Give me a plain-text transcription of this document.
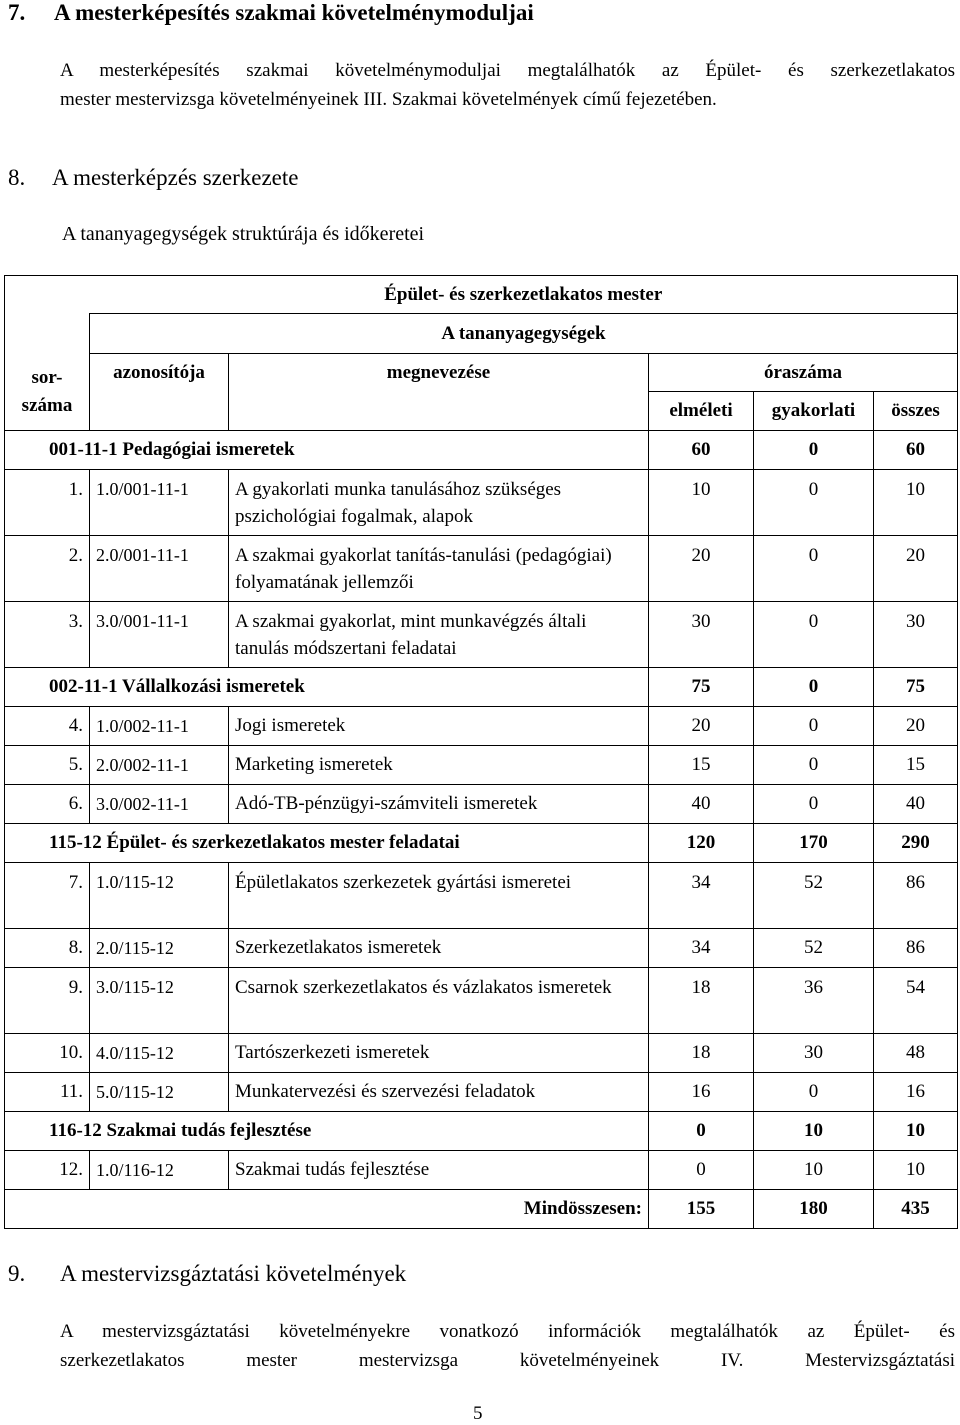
7. A mesterképesítés szakmai követelménymoduljai
A mesterképesítés szakmai követelménymoduljai megtalálhatók az Épület- és szerkezetlakatos
mester mestervizsga követelményeinek III. Szakmai követelmények című fejezetében.
8. A mesterképzés szerkezete
A tananyagegységek struktúrája és időkeretei
	Épület- és szerkezetlakatos mester				
	A tananyagegységek				

sor-
száma	azonosítója	megnevezése	óraszáma		
			elméleti	gyakorlati	összes
001-11-1 Pedagógiai ismeretek			60	0	60
1.	1.0/001-11-1	A gyakorlati munka tanulásához szükséges pszichológiai fogalmak, alapok	10	0	10
2.	2.0/001-11-1	A szakmai gyakorlat tanítás-tanulási (pedagógiai) folyamatának jellemzői	20	0	20
3.	3.0/001-11-1	A szakmai gyakorlat, mint munkavégzés általi tanulás módszertani feladatai	30	0	30
002-11-1 Vállalkozási ismeretek			75	0	75
4.	1.0/002-11-1	Jogi ismeretek	20	0	20
5.	2.0/002-11-1	Marketing ismeretek	15	0	15
6.	3.0/002-11-1	Adó-TB-pénzügyi-számviteli ismeretek	40	0	40
115-12 Épület- és szerkezetlakatos mester feladatai			120	170	290
7.	1.0/115-12	Épületlakatos szerkezetek gyártási ismeretei	34	52	86
8.	2.0/115-12	Szerkezetlakatos ismeretek	34	52	86
9.	3.0/115-12	Csarnok szerkezetlakatos és vázlakatos ismeretek	18	36	54
10.	4.0/115-12	Tartószerkezeti ismeretek	18	30	48
11.	5.0/115-12	Munkatervezési és szervezési feladatok	16	0	16
116-12 Szakmai tudás fejlesztése			0	10	10
12.	1.0/116-12	Szakmai tudás fejlesztése	0	10	10
Mindösszesen:			155	180	435
9. A mestervizsgáztatási követelmények
A mestervizsgáztatási követelményekre vonatkozó információk megtalálhatók az Épület- és
szerkezetlakatos mester mestervizsga követelményeinek IV. Mestervizsgáztatási
5
